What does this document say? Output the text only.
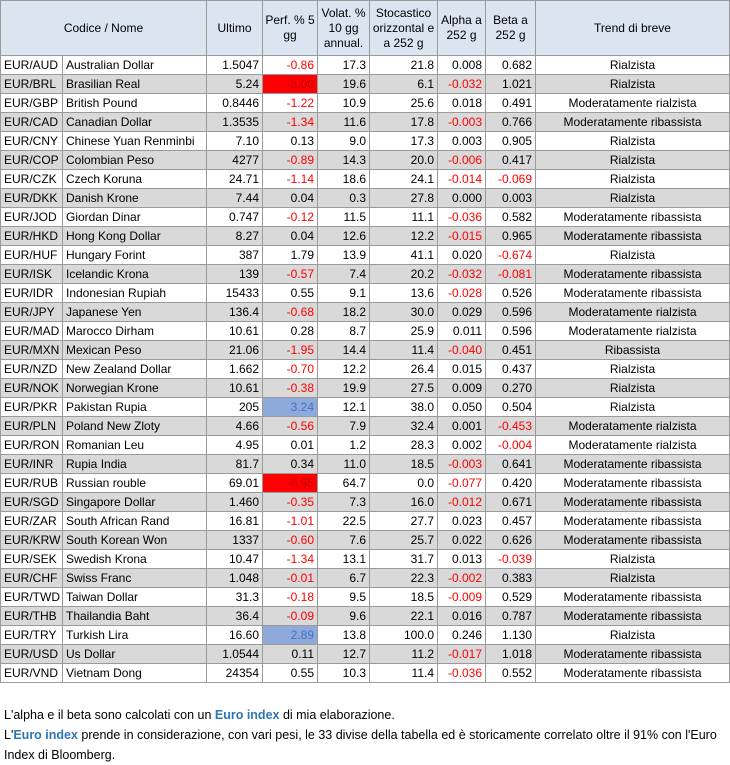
Codice / Nome		Ultimo	Perf. % 5 gg	Volat. % 10 gg annual.	Stocastico orizzontal e a 252 g	Alpha a 252 g	Beta a 252 g	Trend di breve
EUR/AUD	Australian Dollar	1.5047	-0.86	17.3	21.8	0.008	0.682	Rialzista
EUR/BRL	Brasilian Real	5.24	-3.00	19.6	6.1	-0.032	1.021	Rialzista
EUR/GBP	British Pound	0.8446	-1.22	10.9	25.6	0.018	0.491	Moderatamente rialzista
EUR/CAD	Canadian Dollar	1.3535	-1.34	11.6	17.8	-0.003	0.766	Moderatamente ribassista
EUR/CNY	Chinese Yuan Renminbi	7.10	0.13	9.0	17.3	0.003	0.905	Rialzista
EUR/COP	Colombian Peso	4277	-0.89	14.3	20.0	-0.006	0.417	Rialzista
EUR/CZK	Czech Koruna	24.71	-1.14	18.6	24.1	-0.014	-0.069	Rialzista
EUR/DKK	Danish Krone	7.44	0.04	0.3	27.8	0.000	0.003	Rialzista
EUR/JOD	Giordan Dinar	0.747	-0.12	11.5	11.1	-0.036	0.582	Moderatamente ribassista
EUR/HKD	Hong Kong Dollar	8.27	0.04	12.6	12.2	-0.015	0.965	Moderatamente ribassista
EUR/HUF	Hungary Forint	387	1.79	13.9	41.1	0.020	-0.674	Rialzista
EUR/ISK	Icelandic Krona	139	-0.57	7.4	20.2	-0.032	-0.081	Moderatamente ribassista
EUR/IDR	Indonesian Rupiah	15433	0.55	9.1	13.6	-0.028	0.526	Moderatamente ribassista
EUR/JPY	Japanese Yen	136.4	-0.68	18.2	30.0	0.029	0.596	Moderatamente rialzista
EUR/MAD	Marocco Dirham	10.61	0.28	8.7	25.9	0.011	0.596	Moderatamente rialzista
EUR/MXN	Mexican Peso	21.06	-1.95	14.4	11.4	-0.040	0.451	Ribassista
EUR/NZD	New Zealand Dollar	1.662	-0.70	12.2	26.4	0.015	0.437	Rialzista
EUR/NOK	Norwegian Krone	10.61	-0.38	19.9	27.5	0.009	0.270	Rialzista
EUR/PKR	Pakistan Rupia	205	3.24	12.1	38.0	0.050	0.504	Rialzista
EUR/PLN	Poland New Zloty	4.66	-0.56	7.9	32.4	0.001	-0.453	Moderatamente rialzista
EUR/RON	Romanian Leu	4.95	0.01	1.2	28.3	0.002	-0.004	Moderatamente rialzista
EUR/INR	Rupia India	81.7	0.34	11.0	18.5	-0.003	0.641	Moderatamente ribassista
EUR/RUB	Russian rouble	69.01	-6.55	64.7	0.0	-0.077	0.420	Moderatamente ribassista
EUR/SGD	Singapore Dollar	1.460	-0.35	7.3	16.0	-0.012	0.671	Moderatamente ribassista
EUR/ZAR	South African Rand	16.81	-1.01	22.5	27.7	0.023	0.457	Moderatamente ribassista
EUR/KRW	South Korean Won	1337	-0.60	7.6	25.7	0.022	0.626	Moderatamente ribassista
EUR/SEK	Swedish Krona	10.47	-1.34	13.1	31.7	0.013	-0.039	Rialzista
EUR/CHF	Swiss Franc	1.048	-0.01	6.7	22.3	-0.002	0.383	Rialzista
EUR/TWD	Taiwan Dollar	31.3	-0.18	9.5	18.5	-0.009	0.529	Moderatamente ribassista
EUR/THB	Thailandia Baht	36.4	-0.09	9.6	22.1	0.016	0.787	Moderatamente ribassista
EUR/TRY	Turkish Lira	16.60	2.89	13.8	100.0	0.246	1.130	Rialzista
EUR/USD	Us Dollar	1.0544	0.11	12.7	11.2	-0.017	1.018	Moderatamente ribassista
EUR/VND	Vietnam Dong	24354	0.55	10.3	11.4	-0.036	0.552	Moderatamente ribassista
L'alpha e il beta sono calcolati con un Euro index di mia elaborazione.
L'Euro index prende in considerazione, con vari pesi, le 33 divise della tabella ed è storicamente correlato oltre il 91% con l'Euro Index di Bloomberg.
